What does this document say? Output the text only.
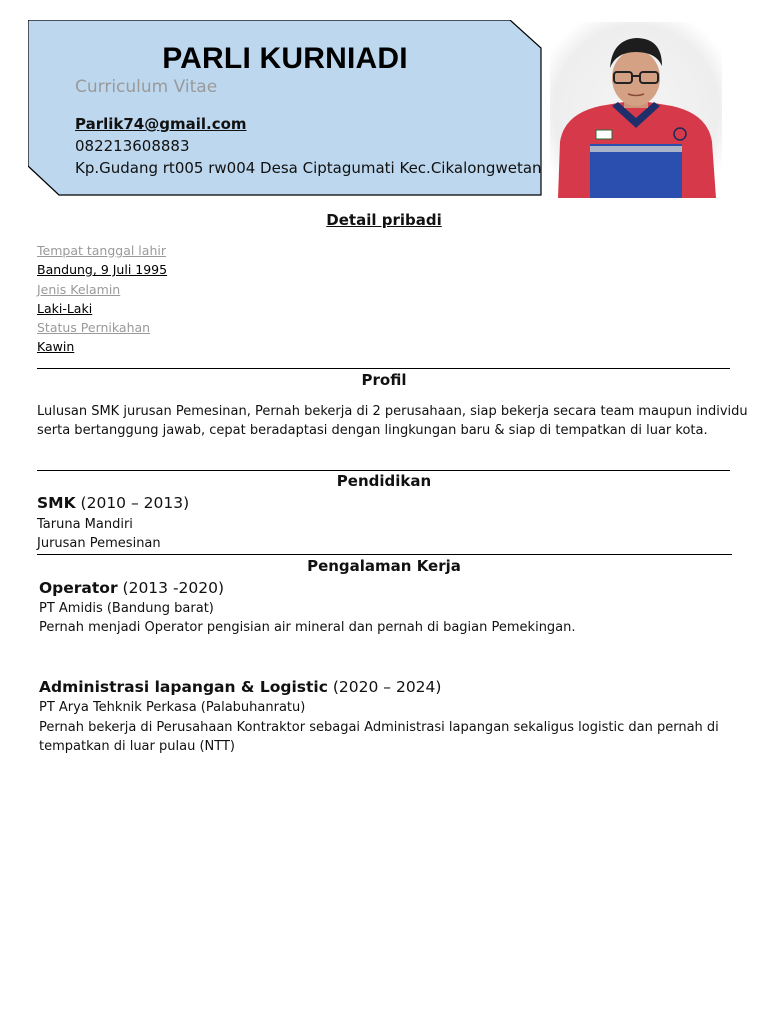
PARLI KURNIADI
Curriculum Vitae
Parlik74@gmail.com
082213608883
Kp.Gudang rt005 rw004 Desa Ciptagumati Kec.Cikalongwetan
Detail pribadi
Tempat tanggal lahir
Bandung, 9 Juli 1995
Jenis Kelamin
Laki-Laki
Status Pernikahan
Kawin
Profil
Lulusan SMK jurusan Pemesinan, Pernah bekerja di 2 perusahaan, siap bekerja secara team maupun individu
serta bertanggung jawab, cepat beradaptasi dengan lingkungan baru & siap di tempatkan di luar kota.
Pendidikan
SMK (2010 – 2013)
Taruna Mandiri
Jurusan Pemesinan
Pengalaman Kerja
Operator (2013 -2020)
PT Amidis (Bandung barat)
Pernah menjadi Operator pengisian air mineral dan pernah di bagian Pemekingan.
Administrasi lapangan & Logistic (2020 – 2024)
PT Arya Tehknik Perkasa (Palabuhanratu)
Pernah bekerja di Perusahaan Kontraktor sebagai Administrasi lapangan sekaligus logistic dan pernah di
tempatkan di luar pulau (NTT)
